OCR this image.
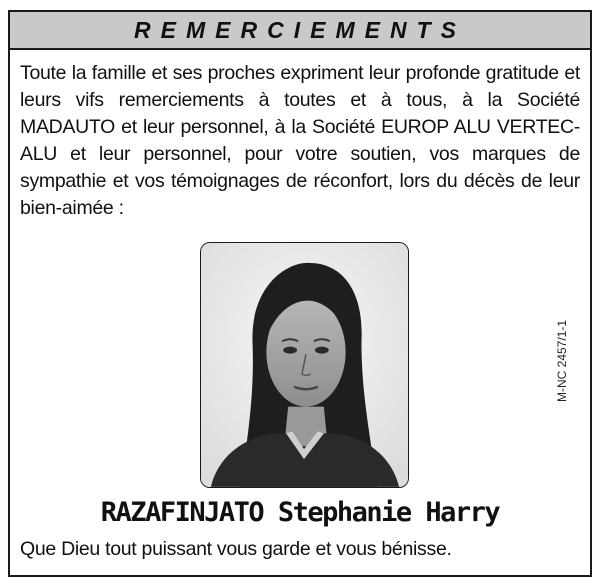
REMERCIEMENTS
Toute la famille et ses proches expriment leur profonde gratitude et leurs vifs remerciements à toutes et à tous, à la Société MADAUTO et leur personnel, à la Société EUROP ALU VERTEC-ALU et leur personnel, pour votre soutien, vos marques de sympathie et vos témoignages de réconfort, lors du décès de leur bien-aimée :
M-NC 2457/1-1
RAZAFINJATO Stephanie Harry
Que Dieu tout puissant vous garde et vous bénisse.
